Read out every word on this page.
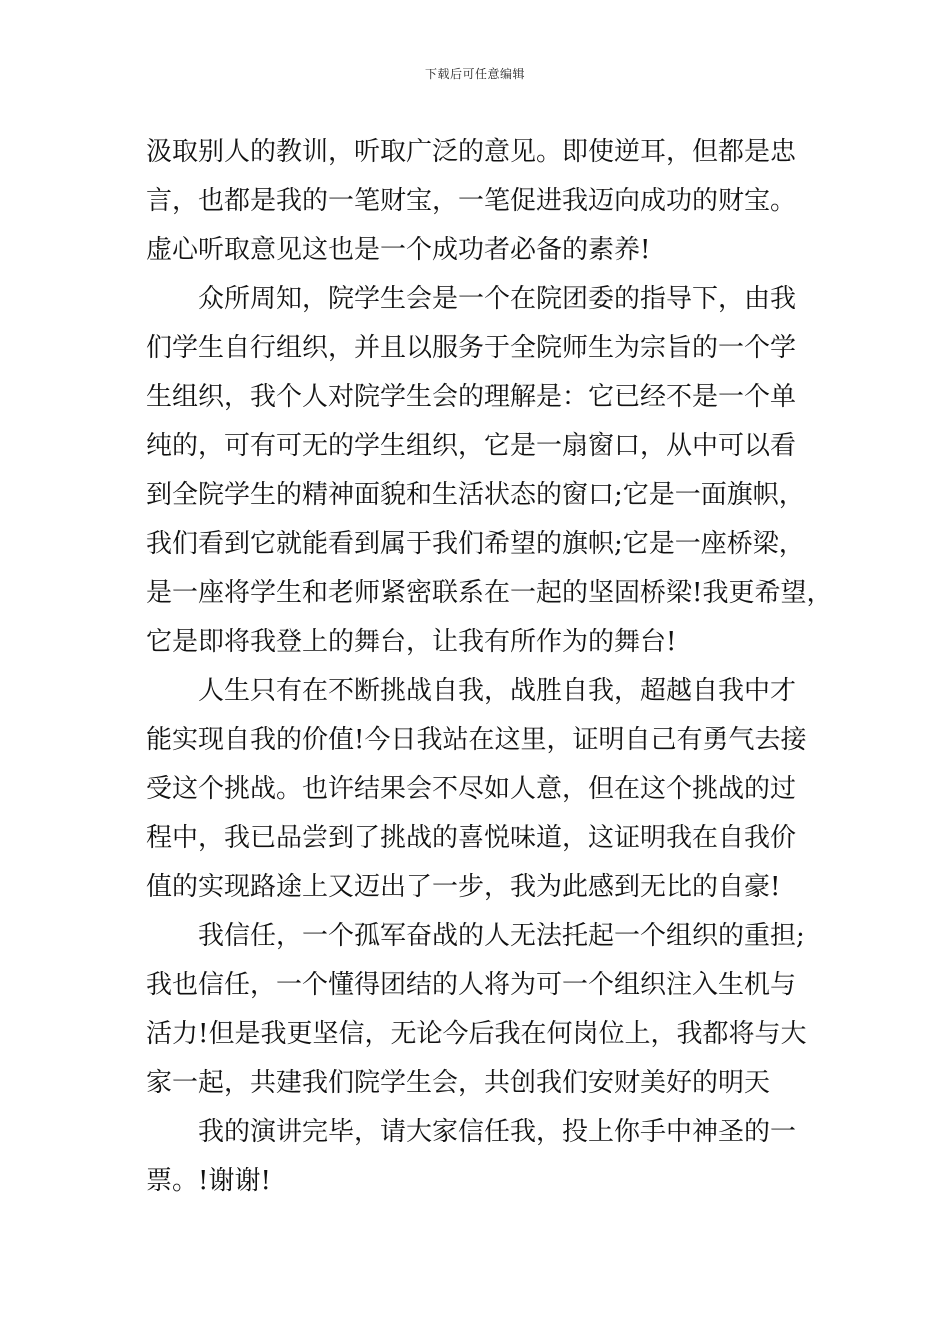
下载后可任意编辑
汲取别人的教训，听取广泛的意见。即使逆耳，但都是忠
言，也都是我的一笔财宝，一笔促进我迈向成功的财宝。
虚心听取意见这也是一个成功者必备的素养!
众所周知，院学生会是一个在院团委的指导下，由我
们学生自行组织，并且以服务于全院师生为宗旨的一个学
生组织，我个人对院学生会的理解是：它已经不是一个单
纯的，可有可无的学生组织，它是一扇窗口，从中可以看
到全院学生的精神面貌和生活状态的窗口;它是一面旗帜，
我们看到它就能看到属于我们希望的旗帜;它是一座桥梁，
是一座将学生和老师紧密联系在一起的坚固桥梁!我更希望，
它是即将我登上的舞台，让我有所作为的舞台!
人生只有在不断挑战自我，战胜自我，超越自我中才
能实现自我的价值!今日我站在这里，证明自己有勇气去接
受这个挑战。也许结果会不尽如人意，但在这个挑战的过
程中，我已品尝到了挑战的喜悦味道，这证明我在自我价
值的实现路途上又迈出了一步，我为此感到无比的自豪!
我信任，一个孤军奋战的人无法托起一个组织的重担;
我也信任，一个懂得团结的人将为可一个组织注入生机与
活力!但是我更坚信，无论今后我在何岗位上，我都将与大
家一起，共建我们院学生会，共创我们安财美好的明天
我的演讲完毕，请大家信任我，投上你手中神圣的一
票。!谢谢!
